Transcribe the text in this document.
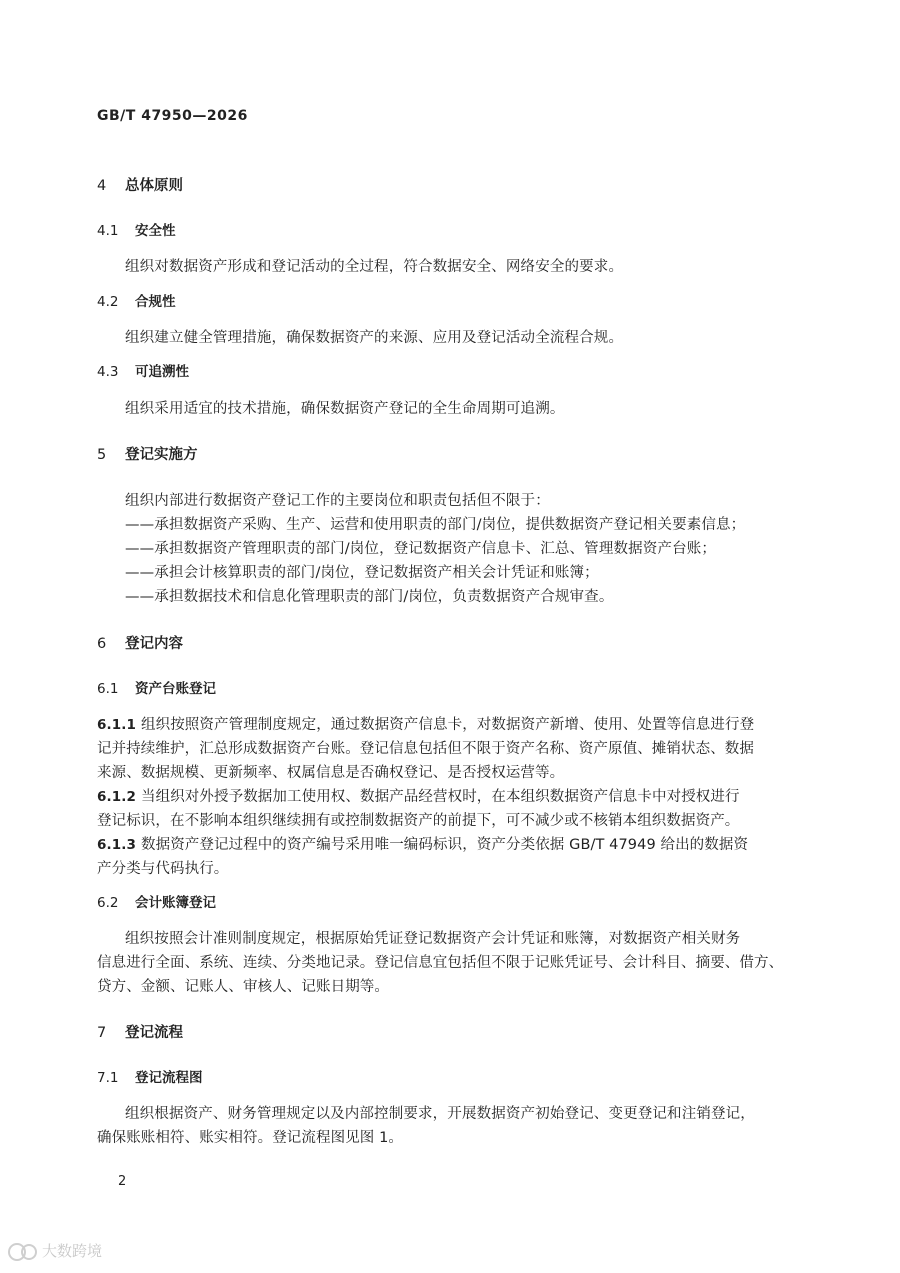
GB/T 47950—2026
4 总体原则
4.1 安全性
组织对数据资产形成和登记活动的全过程，符合数据安全、网络安全的要求。
4.2 合规性
组织建立健全管理措施，确保数据资产的来源、应用及登记活动全流程合规。
4.3 可追溯性
组织采用适宜的技术措施，确保数据资产登记的全生命周期可追溯。
5 登记实施方
组织内部进行数据资产登记工作的主要岗位和职责包括但不限于：
——承担数据资产采购、生产、运营和使用职责的部门/岗位，提供数据资产登记相关要素信息；
——承担数据资产管理职责的部门/岗位，登记数据资产信息卡、汇总、管理数据资产台账；
——承担会计核算职责的部门/岗位，登记数据资产相关会计凭证和账簿；
——承担数据技术和信息化管理职责的部门/岗位，负责数据资产合规审查。
6 登记内容
6.1 资产台账登记
6.1.1 组织按照资产管理制度规定，通过数据资产信息卡，对数据资产新增、使用、处置等信息进行登
记并持续维护，汇总形成数据资产台账。登记信息包括但不限于资产名称、资产原值、摊销状态、数据
来源、数据规模、更新频率、权属信息是否确权登记、是否授权运营等。
6.1.2 当组织对外授予数据加工使用权、数据产品经营权时，在本组织数据资产信息卡中对授权进行
登记标识，在不影响本组织继续拥有或控制数据资产的前提下，可不减少或不核销本组织数据资产。
6.1.3 数据资产登记过程中的资产编号采用唯一编码标识，资产分类依据 GB/T 47949 给出的数据资
产分类与代码执行。
6.2 会计账簿登记
组织按照会计准则制度规定，根据原始凭证登记数据资产会计凭证和账簿，对数据资产相关财务
信息进行全面、系统、连续、分类地记录。登记信息宜包括但不限于记账凭证号、会计科目、摘要、借方、
贷方、金额、记账人、审核人、记账日期等。
7 登记流程
7.1 登记流程图
组织根据资产、财务管理规定以及内部控制要求，开展数据资产初始登记、变更登记和注销登记，
确保账账相符、账实相符。登记流程图见图 1。
2
大数跨境
